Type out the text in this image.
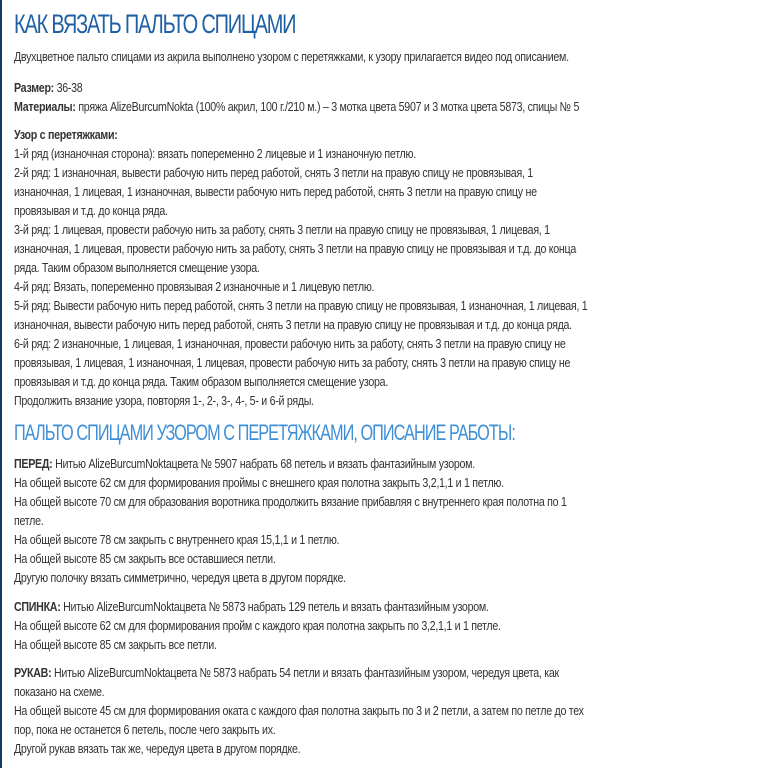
КАК ВЯЗАТЬ ПАЛЬТО СПИЦАМИ
Двухцветное пальто спицами из акрила выполнено узором с перетяжками, к узору прилагается видео под описанием.
Размер: 36-38
Материалы: пряжа AlizeBurcumNokta (100% акрил, 100 г./210 м.) – 3 мотка цвета 5907 и 3 мотка цвета 5873, спицы № 5
Узор с перетяжками:
1-й ряд (изнаночная сторона): вязать попеременно 2 лицевые и 1 изнаночную петлю.
2-й ряд: 1 изнаночная, вывести рабочую нить перед работой, снять 3 петли на правую спицу не провязывая, 1
изнаночная, 1 лицевая, 1 изнаночная, вывести рабочую нить перед работой, снять 3 петли на правую спицу не
провязывая и т.д. до конца ряда.
3-й ряд: 1 лицевая, провести рабочую нить за работу, снять 3 петли на правую спицу не провязывая, 1 лицевая, 1
изнаночная, 1 лицевая, провести рабочую нить за работу, снять 3 петли на правую спицу не провязывая и т.д. до конца
ряда. Таким образом выполняется смещение узора.
4-й ряд: Вязать, попеременно провязывая 2 изнаночные и 1 лицевую петлю.
5-й ряд: Вывести рабочую нить перед работой, снять 3 петли на правую спицу не провязывая, 1 изнаночная, 1 лицевая, 1
изнаночная, вывести рабочую нить перед работой, снять 3 петли на правую спицу не провязывая и т.д. до конца ряда.
6-й ряд: 2 изнаночные, 1 лицевая, 1 изнаночная, провести рабочую нить за работу, снять 3 петли на правую спицу не
провязывая, 1 лицевая, 1 изнаночная, 1 лицевая, провести рабочую нить за работу, снять 3 петли на правую спицу не
провязывая и т.д. до конца ряда. Таким образом выполняется смещение узора.
Продолжить вязание узора, повторяя 1-, 2-, 3-, 4-, 5- и 6-й ряды.
ПАЛЬТО СПИЦАМИ УЗОРОМ С ПЕРЕТЯЖКАМИ, ОПИСАНИЕ РАБОТЫ:
ПЕРЕД: Нитью AlizeBurcumNoktaцвета № 5907 набрать 68 петель и вязать фантазийным узором.
На общей высоте 62 см для формирования проймы с внешнего края полотна закрыть 3,2,1,1 и 1 петлю.
На общей высоте 70 см для образования воротника продолжить вязание прибавляя с внутреннего края полотна по 1
петле.
На общей высоте 78 см закрыть с внутреннего края 15,1,1 и 1 петлю.
На общей высоте 85 см закрыть все оставшиеся петли.
Другую полочку вязать симметрично, чередуя цвета в другом порядке.
СПИНКА: Нитью AlizeBurcumNoktaцвета № 5873 набрать 129 петель и вязать фантазийным узором.
На общей высоте 62 см для формирования пройм с каждого края полотна закрыть по 3,2,1,1 и 1 петле.
На общей высоте 85 см закрыть все петли.
РУКАВ: Нитью AlizeBurcumNoktaцвета № 5873 набрать 54 петли и вязать фантазийным узором, чередуя цвета, как
показано на схеме.
На общей высоте 45 см для формирования оката с каждого фая полотна закрыть по 3 и 2 петли, а затем по петле до тех
пор, пока не останется 6 петель, после чего закрыть их.
Другой рукав вязать так же, чередуя цвета в другом порядке.
